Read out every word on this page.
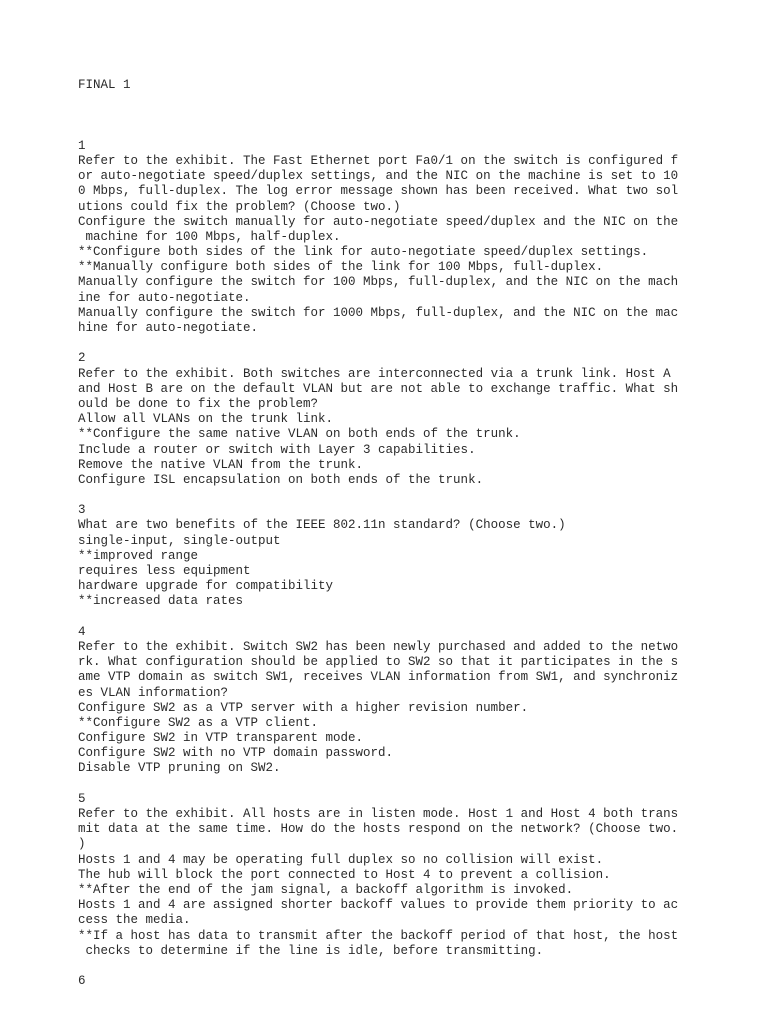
FINAL 1
1
Refer to the exhibit. The Fast Ethernet port Fa0/1 on the switch is configured f
or auto-negotiate speed/duplex settings, and the NIC on the machine is set to 10
0 Mbps, full-duplex. The log error message shown has been received. What two sol
utions could fix the problem? (Choose two.)
Configure the switch manually for auto-negotiate speed/duplex and the NIC on the
machine for 100 Mbps, half-duplex.
**Configure both sides of the link for auto-negotiate speed/duplex settings.
**Manually configure both sides of the link for 100 Mbps, full-duplex.
Manually configure the switch for 100 Mbps, full-duplex, and the NIC on the mach
ine for auto-negotiate.
Manually configure the switch for 1000 Mbps, full-duplex, and the NIC on the mac
hine for auto-negotiate.
2
Refer to the exhibit. Both switches are interconnected via a trunk link. Host A
and Host B are on the default VLAN but are not able to exchange traffic. What sh
ould be done to fix the problem?
Allow all VLANs on the trunk link.
**Configure the same native VLAN on both ends of the trunk.
Include a router or switch with Layer 3 capabilities.
Remove the native VLAN from the trunk.
Configure ISL encapsulation on both ends of the trunk.
3
What are two benefits of the IEEE 802.11n standard? (Choose two.)
single-input, single-output
**improved range
requires less equipment
hardware upgrade for compatibility
**increased data rates
4
Refer to the exhibit. Switch SW2 has been newly purchased and added to the netwo
rk. What configuration should be applied to SW2 so that it participates in the s
ame VTP domain as switch SW1, receives VLAN information from SW1, and synchroniz
es VLAN information?
Configure SW2 as a VTP server with a higher revision number.
**Configure SW2 as a VTP client.
Configure SW2 in VTP transparent mode.
Configure SW2 with no VTP domain password.
Disable VTP pruning on SW2.
5
Refer to the exhibit. All hosts are in listen mode. Host 1 and Host 4 both trans
mit data at the same time. How do the hosts respond on the network? (Choose two.
)
Hosts 1 and 4 may be operating full duplex so no collision will exist.
The hub will block the port connected to Host 4 to prevent a collision.
**After the end of the jam signal, a backoff algorithm is invoked.
Hosts 1 and 4 are assigned shorter backoff values to provide them priority to ac
cess the media.
**If a host has data to transmit after the backoff period of that host, the host
checks to determine if the line is idle, before transmitting.
6
